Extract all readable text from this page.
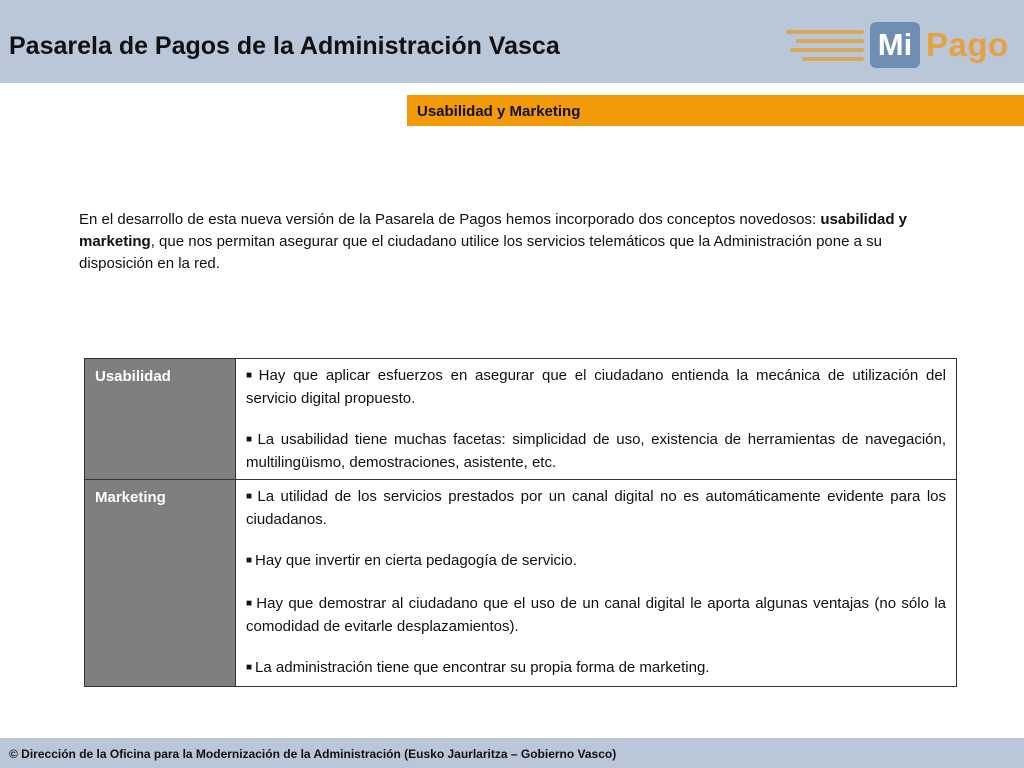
Pasarela de Pagos de la Administración Vasca	Mi Pago
Usabilidad y Marketing
En el desarrollo de esta nueva versión de la Pasarela de Pagos hemos incorporado dos conceptos novedosos: usabilidad y marketing, que nos permitan asegurar que el ciudadano utilice los servicios telemáticos que la Administración pone a su disposición en la red.
Usabilidad	■ Hay que aplicar esfuerzos en asegurar que el ciudadano entienda la mecánica de utilización del servicio digital propuesto.
■ La usabilidad tiene muchas facetas: simplicidad de uso, existencia de herramientas de navegación, multilingüismo, demostraciones, asistente, etc.

Marketing	■ La utilidad de los servicios prestados por un canal digital no es automáticamente evidente para los ciudadanos.
■ Hay que invertir en cierta pedagogía de servicio.
■ Hay que demostrar al ciudadano que el uso de un canal digital le aporta algunas ventajas (no sólo la comodidad de evitarle desplazamientos).
■ La administración tiene que encontrar su propia forma de marketing.
© Dirección de la Oficina para la Modernización de la Administración (Eusko Jaurlaritza – Gobierno Vasco)
